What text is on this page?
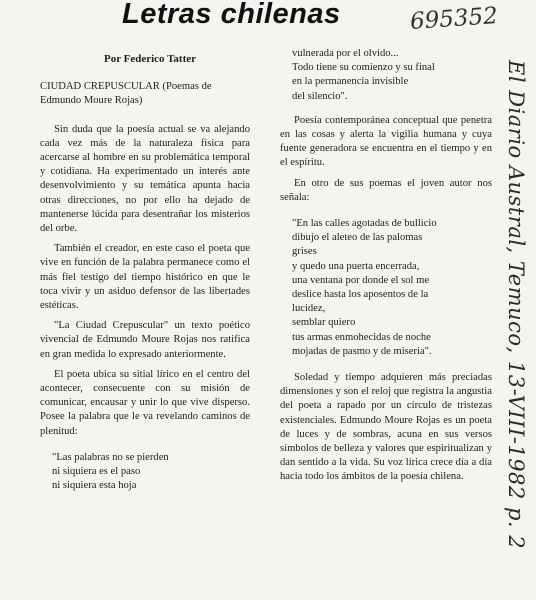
Letras chilenas	695352
El Diario Austral, Temuco, 13-VIII-1982 p. 2
Por Federico Tatter
CIUDAD CREPUSCULAR (Poemas de Edmundo Moure Rojas)

Sin duda que la poesía actual se va alejando cada vez más de la naturaleza física para acercarse al hombre en su problemática temporal y cotidiana. Ha experimentado un interés ante desenvolvimiento y su temática apunta hacia otras direcciones, no por ello ha dejado de mantenerse lúcida para desentrañar los misterios del orbe.

También el creador, en este caso el poeta que vive en función de la palabra permanece como el más fiel testigo del tiempo histórico en que le toca vivir y un asiduo defensor de las libertades estéticas.

"La Ciudad Crepuscular" un texto poético vivencial de Edmundo Moure Rojas nos ratifica en gran medida lo expresado anteriormente.

El poeta ubica su sitial lírico en el centro del acontecer, consecuente con su misión de comunicar, encausar y unir lo que vive disperso. Posee la palabra que le va revelando caminos de plenitud:

"Las palabras no se pierden
ni siquiera es el paso
ni siquiera esta hoja
vulnerada por el olvido...
Todo tiene su comienzo y su final
en la permanencia invisible
del silencio".

Poesía contemporánea conceptual que penetra en las cosas y alerta la vigilia humana y cuya fuente generadora se encuentra en el tiempo y en el espíritu.

En otro de sus poemas el joven autor nos señala:

"En las calles agotadas de bullicio
dibujo el aleteo de las palomas
grises
y quedo una puerta encerrada,
una ventana por donde el sol me
deslice hasta los aposentos de la
lucidez,
semblar quiero
tus armas enmohecidas de noche
mojadas de pasmo y de miseria".

Soledad y tiempo adquieren más preciadas dimensiones y son el reloj que registra la angustia del poeta a rapado por un círculo de tristezas existenciales. Edmundo Moure Rojas es un poeta de luces y de sombras, acuna en sus versos símbolos de belleza y valores que espiritualizan y dan sentido a la vida. Su voz lírica crece día a día hacia todo los ámbitos de la poesía chilena.
